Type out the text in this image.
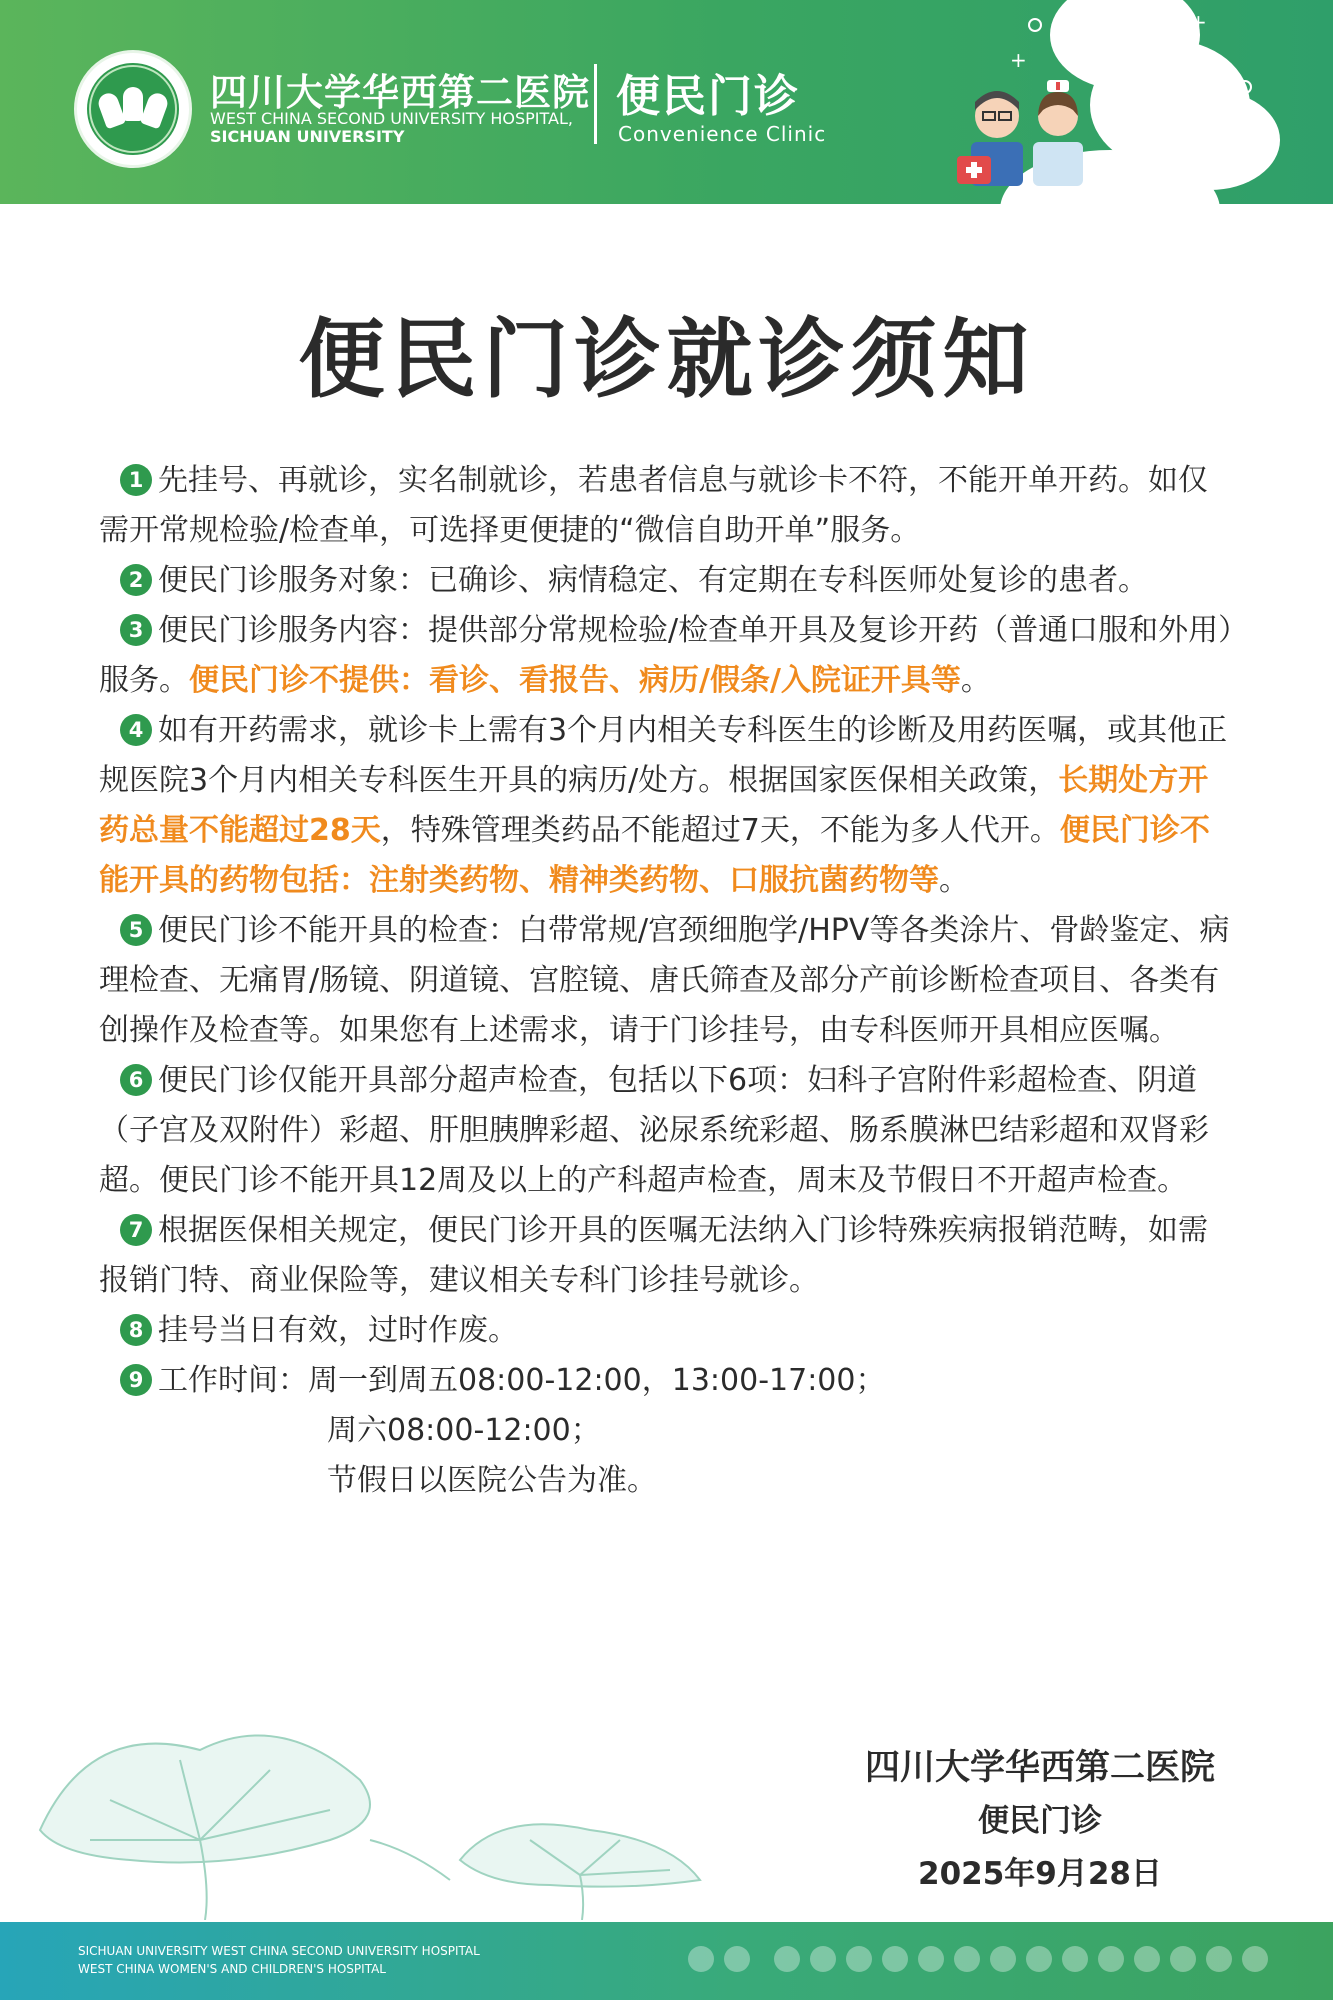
四川大学华西第二医院
WEST CHINA SECOND UNIVERSITY HOSPITAL,
SICHUAN UNIVERSITY
便民门诊
Convenience Clinic
+
+
便民门诊就诊须知
1 先挂号、再就诊，实名制就诊，若患者信息与就诊卡不符，不能开单开药。如仅需开常规检验/检查单，可选择更便捷的“微信自助开单”服务。
2 便民门诊服务对象：已确诊、病情稳定、有定期在专科医师处复诊的患者。
3 便民门诊服务内容：提供部分常规检验/检查单开具及复诊开药（普通口服和外用）服务。便民门诊不提供：看诊、看报告、病历/假条/入院证开具等。
4 如有开药需求，就诊卡上需有3个月内相关专科医生的诊断及用药医嘱，或其他正规医院3个月内相关专科医生开具的病历/处方。根据国家医保相关政策，长期处方开药总量不能超过28天，特殊管理类药品不能超过7天，不能为多人代开。便民门诊不能开具的药物包括：注射类药物、精神类药物、口服抗菌药物等。
5 便民门诊不能开具的检查：白带常规/宫颈细胞学/HPV等各类涂片、骨龄鉴定、病理检查、无痛胃/肠镜、阴道镜、宫腔镜、唐氏筛查及部分产前诊断检查项目、各类有创操作及检查等。如果您有上述需求，请于门诊挂号，由专科医师开具相应医嘱。
6 便民门诊仅能开具部分超声检查，包括以下6项：妇科子宫附件彩超检查、阴道（子宫及双附件）彩超、肝胆胰脾彩超、泌尿系统彩超、肠系膜淋巴结彩超和双肾彩超。便民门诊不能开具12周及以上的产科超声检查，周末及节假日不开超声检查。
7 根据医保相关规定，便民门诊开具的医嘱无法纳入门诊特殊疾病报销范畴，如需报销门特、商业保险等，建议相关专科门诊挂号就诊。
8 挂号当日有效，过时作废。
9 工作时间：周一到周五08:00-12:00，13:00-17:00；
周六08:00-12:00；
节假日以医院公告为准。
四川大学华西第二医院
便民门诊
2025年9月28日
SICHUAN UNIVERSITY WEST CHINA SECOND UNIVERSITY HOSPITAL
WEST CHINA WOMEN'S AND CHILDREN'S HOSPITAL
